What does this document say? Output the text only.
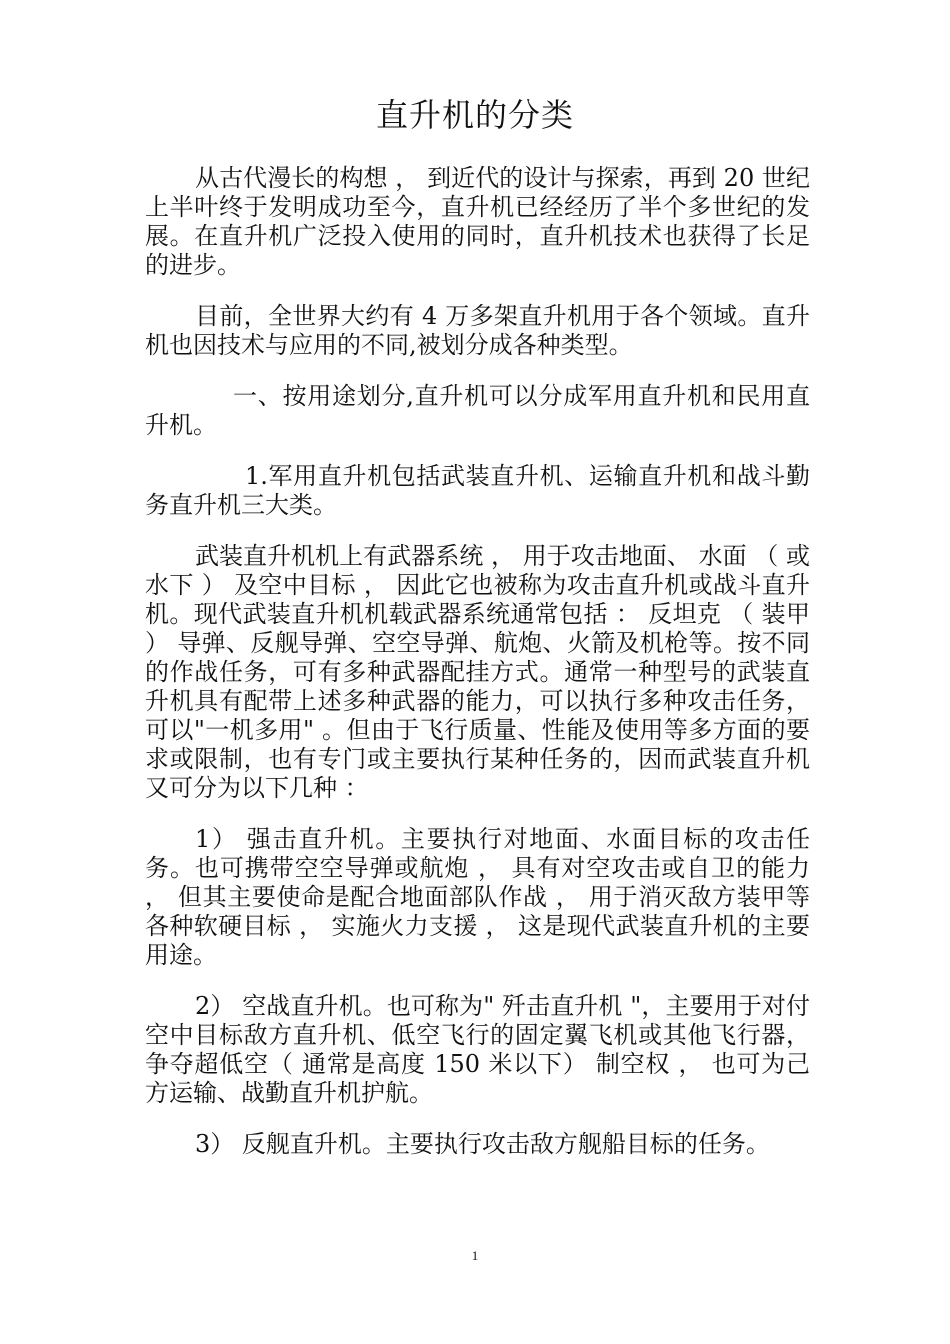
直升机的分类

从古代漫长的构想 ， 到近代的设计与探索，再到 20 世纪上半叶终于发明成功至今，直升机已经经历了半个多世纪的发展。在直升机广泛投入使用的同时，直升机技术也获得了长足的进步。

目前，全世界大约有 4 万多架直升机用于各个领域。直升机也因技术与应用的不同,被划分成各种类型。

一、按用途划分,直升机可以分成军用直升机和民用直升机。

1.军用直升机包括武装直升机、运输直升机和战斗勤务直升机三大类。

武装直升机机上有武器系统 ， 用于攻击地面、 水面 （ 或水下 ） 及空中目标 ， 因此它也被称为攻击直升机或战斗直升机。现代武装直升机机载武器系统通常包括 ： 反坦克 （ 装甲 ） 导弹、反舰导弹、空空导弹、航炮、火箭及机枪等。按不同的作战任务，可有多种武器配挂方式。通常一种型号的武装直升机具有配带上述多种武器的能力，可以执行多种攻击任务，可以"一机多用" 。但由于飞行质量、性能及使用等多方面的要求或限制，也有专门或主要执行某种任务的，因而武装直升机又可分为以下几种 ：

1） 强击直升机。主要执行对地面、水面目标的攻击任务。也可携带空空导弹或航炮 ， 具有对空攻击或自卫的能力 ， 但其主要使命是配合地面部队作战 ， 用于消灭敌方装甲等各种软硬目标 ， 实施火力支援 ， 这是现代武装直升机的主要用途。

2） 空战直升机。也可称为" 歼击直升机 "，主要用于对付空中目标敌方直升机、低空飞行的固定翼飞机或其他飞行器，争夺超低空（ 通常是高度 150 米以下） 制空权 ， 也可为己方运输、战勤直升机护航。

3） 反舰直升机。主要执行攻击敌方舰船目标的任务。

1
